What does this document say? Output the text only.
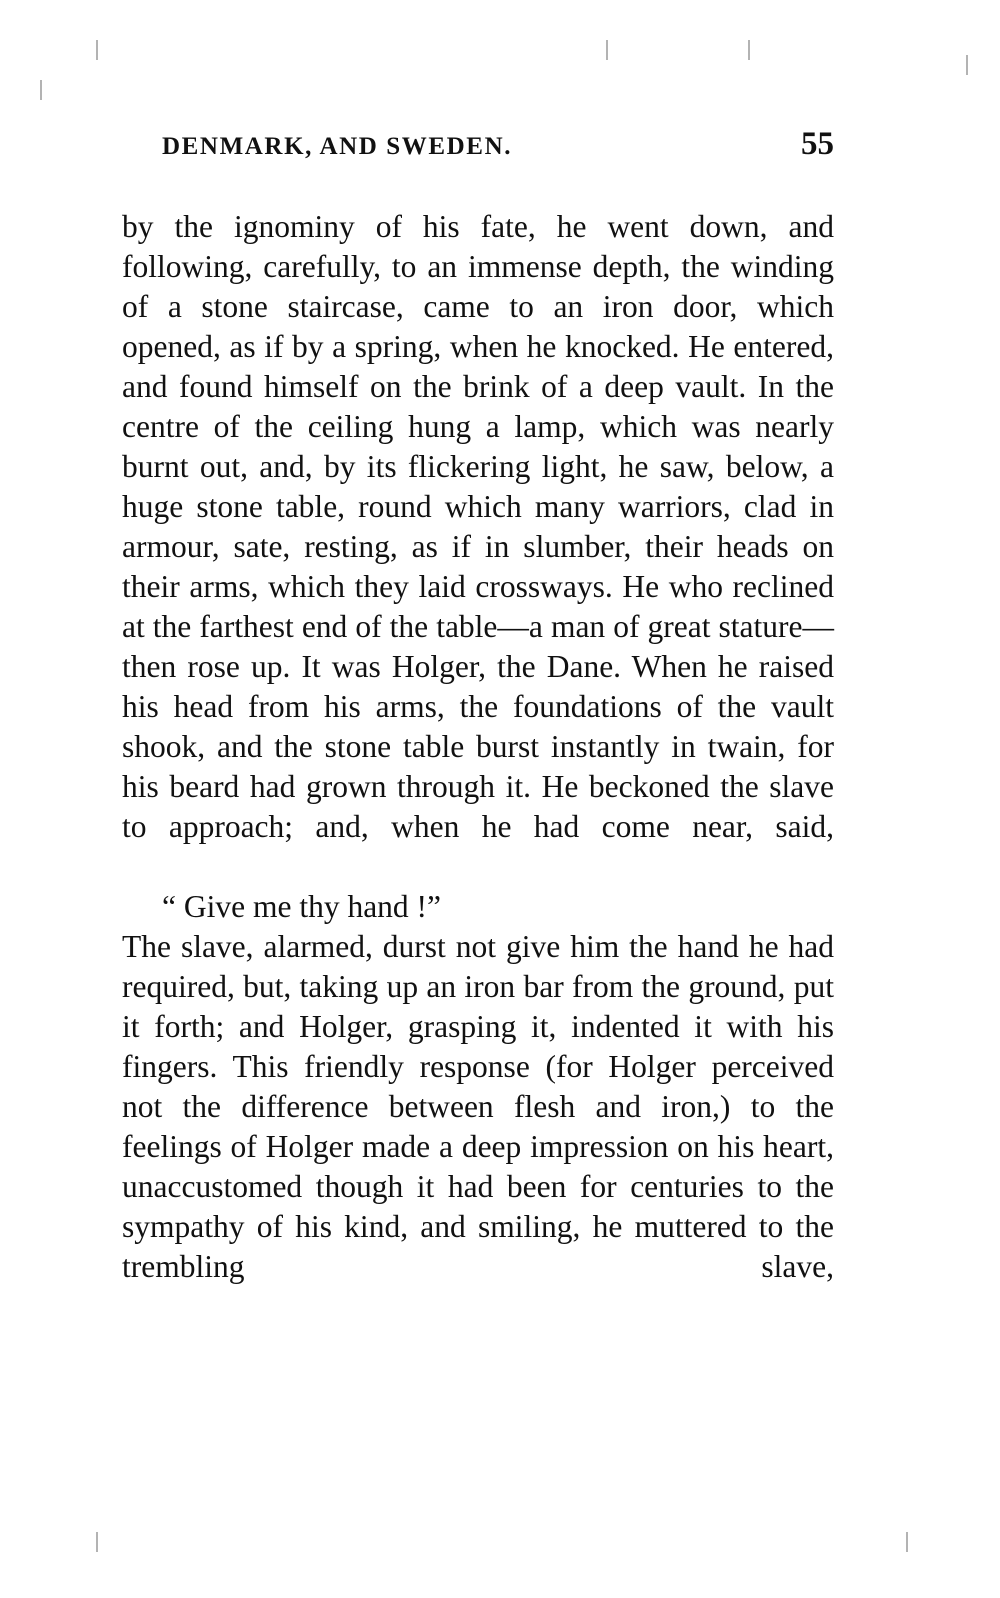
DENMARK, AND SWEDEN.	55

by the ignominy of his fate, he went down, and following, carefully, to an immense depth, the winding of a stone staircase, came to an iron door, which opened, as if by a spring, when he knocked. He entered, and found himself on the brink of a deep vault. In the centre of the ceiling hung a lamp, which was nearly burnt out, and, by its flickering light, he saw, below, a huge stone table, round which many warriors, clad in armour, sate, resting, as if in slumber, their heads on their arms, which they laid crossways. He who reclined at the farthest end of the table—a man of great stature—then rose up. It was Holger, the Dane. When he raised his head from his arms, the foundations of the vault shook, and the stone table burst instantly in twain, for his beard had grown through it. He beckoned the slave to approach; and, when he had come near, said,

“ Give me thy hand !”

The slave, alarmed, durst not give him the hand he had required, but, taking up an iron bar from the ground, put it forth; and Holger, grasping it, indented it with his fingers. This friendly response (for Holger perceived not the difference between flesh and iron,) to the feelings of Holger made a deep impression on his heart, unaccustomed though it had been for centuries to the sympathy of his kind, and smiling, he muttered to the trembling slave,
